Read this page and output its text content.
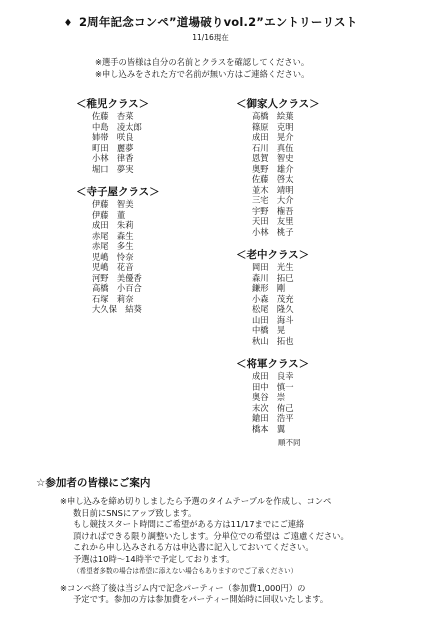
♦ 2周年記念コンペ”道場破りvol.2”エントリーリスト
11/16現在
※選手の皆様は自分の名前とクラスを確認してください。
※申し込みをされた方で名前が無い方はご連絡ください。
＜稚児クラス＞
佐藤　杏菜
中島　凌太郎
姉帯　咲良
町田　麗夢
小林　律香
堀口　夢実
＜寺子屋クラス＞
伊藤　智美
伊藤　董
成田　朱莉
赤尾　森生
赤尾　多生
児嶋　怜奈
児嶋　花音
河野　美優香
高橋　小百合
石塚　莉奈
大久保　結葵
＜御家人クラス＞
高橋　絵葉
篠原　克明
成田　晃介
石川　真伍
恩賀　智史
奥野　雄介
佐藤　啓太
並木　靖明
三宅　大介
宇野　権吾
天田　友里
小林　桃子
＜老中クラス＞
岡田　光生
森川　拓巳
鎌形　剛
小森　茂充
松尾　隆久
山田　海斗
中橋　晃
秋山　拓也
＜将軍クラス＞
成田　良幸
田中　慎一
奥谷　崇
末次　侑己
鎗田　浩平
橋本　翼
順不同
☆参加者の皆様にご案内
※申し込みを締め切りしましたら予選のタイムテーブルを作成し、コンペ
数日前にSNSにアップ致します。
もし競技スタート時間にご希望がある方は11/17までにご連絡
頂ければできる限り調整いたします。分単位での希望は ご遠慮ください。
これから申し込みされる方は申込書に記入しておいてください。
予選は10時～14時半で予定しております。
（希望者多数の場合は希望に添えない場合もありますのでご了承ください）
※コンペ終了後は当ジム内で記念パーティー（参加費1,000円）の
予定です。参加の方は参加費をパーティー開始時に回収いたします。
